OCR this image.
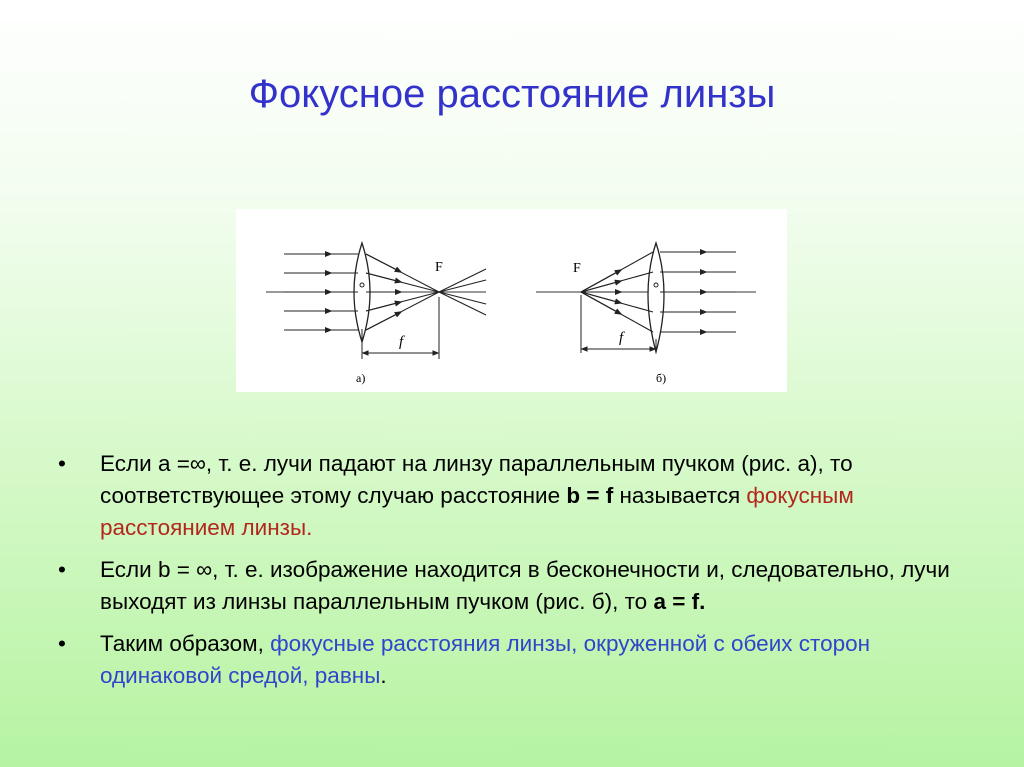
Фокусное расстояние линзы
F
f
а)
F
f
б)
• Если а =∞, т. е. лучи падают на линзу параллельным пучком (рис. а), то соответствующее этому случаю расстояние b = f называется фокусным расстоянием линзы.
• Если b = ∞, т. е. изображение находится в бесконечности и, следовательно, лучи выходят из линзы параллельным пучком (рис. б), то а = f.
• Таким образом, фокусные расстояния линзы, окруженной с обеих сторон одинаковой средой, равны.
